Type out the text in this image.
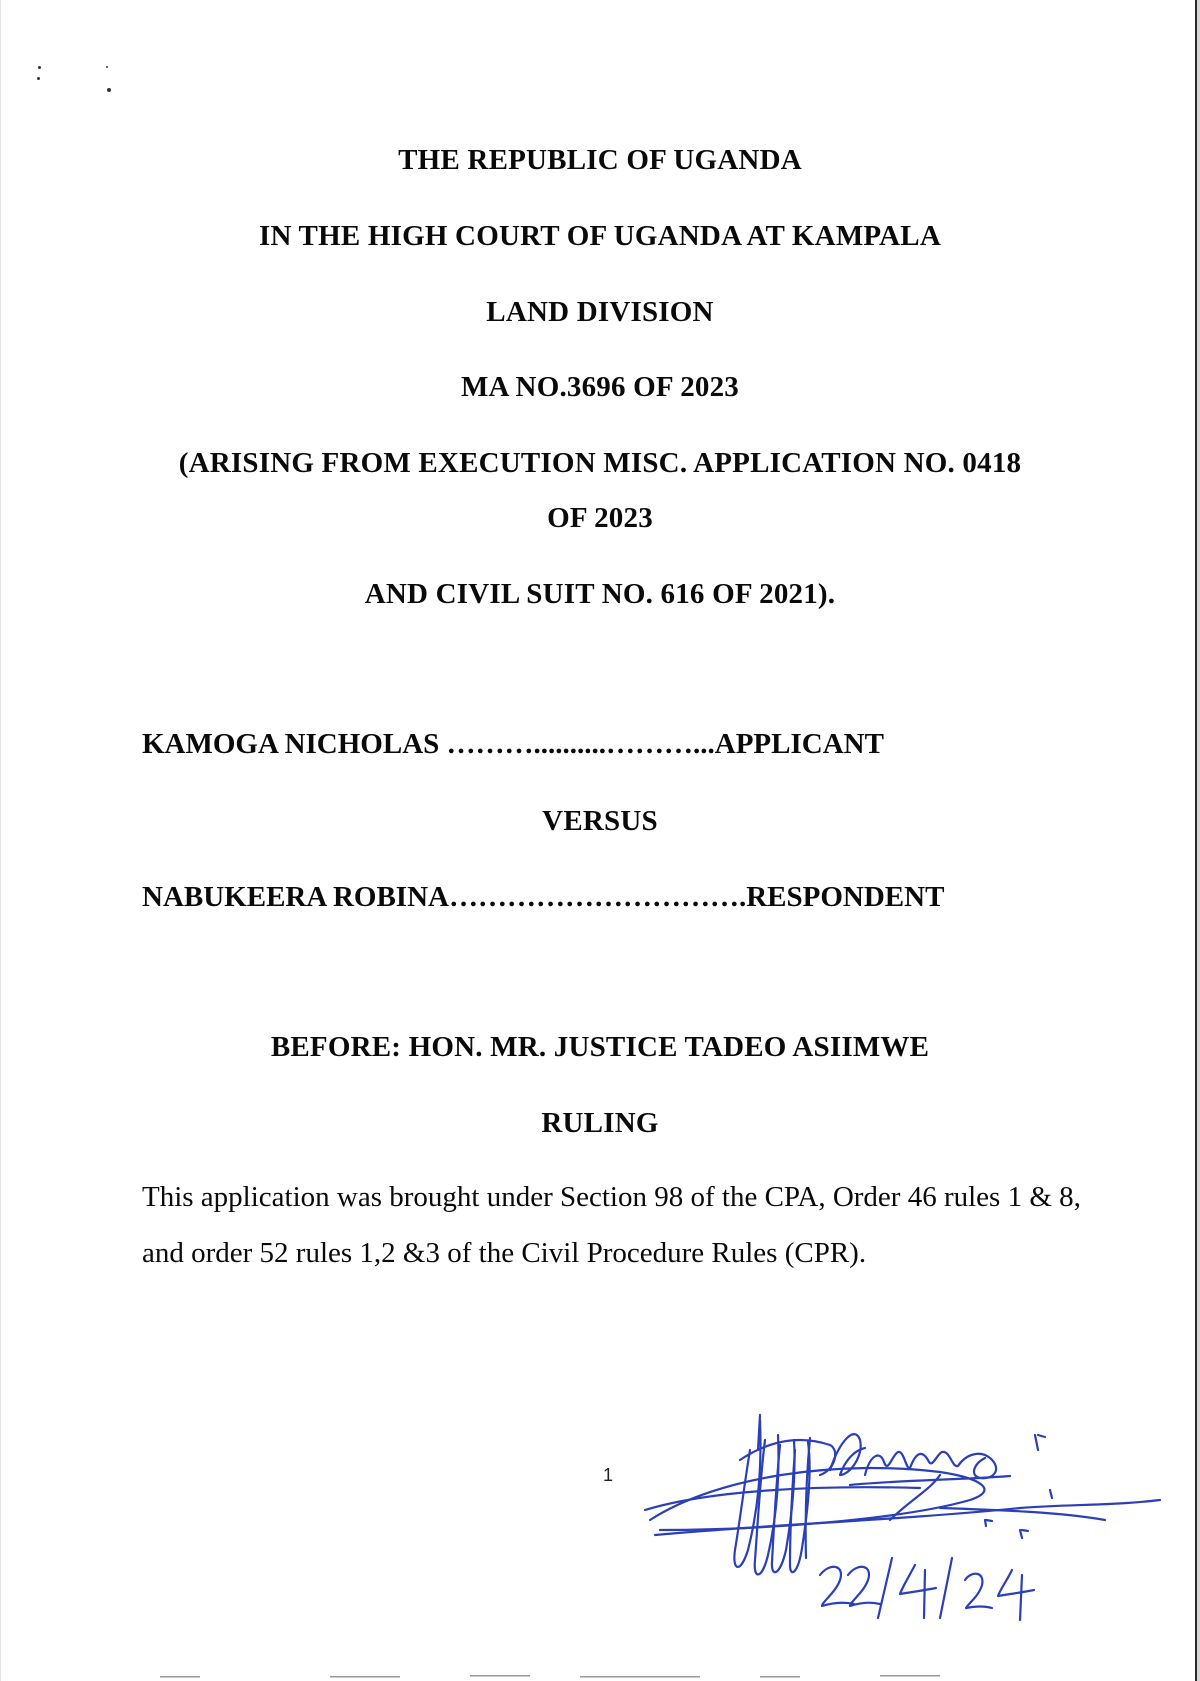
THE REPUBLIC OF UGANDA
IN THE HIGH COURT OF UGANDA AT KAMPALA
LAND DIVISION
MA NO.3696 OF 2023
(ARISING FROM EXECUTION MISC. APPLICATION NO. 0418
OF 2023
AND CIVIL SUIT NO. 616 OF 2021).
KAMOGA NICHOLAS ………..........………...APPLICANT
VERSUS
NABUKEERA ROBINA………………………….RESPONDENT
BEFORE: HON. MR. JUSTICE TADEO ASIIMWE
RULING
This application was brought under Section 98 of the CPA, Order 46 rules 1 & 8, and order 52 rules 1,2 &3 of the Civil Procedure Rules (CPR).
1
